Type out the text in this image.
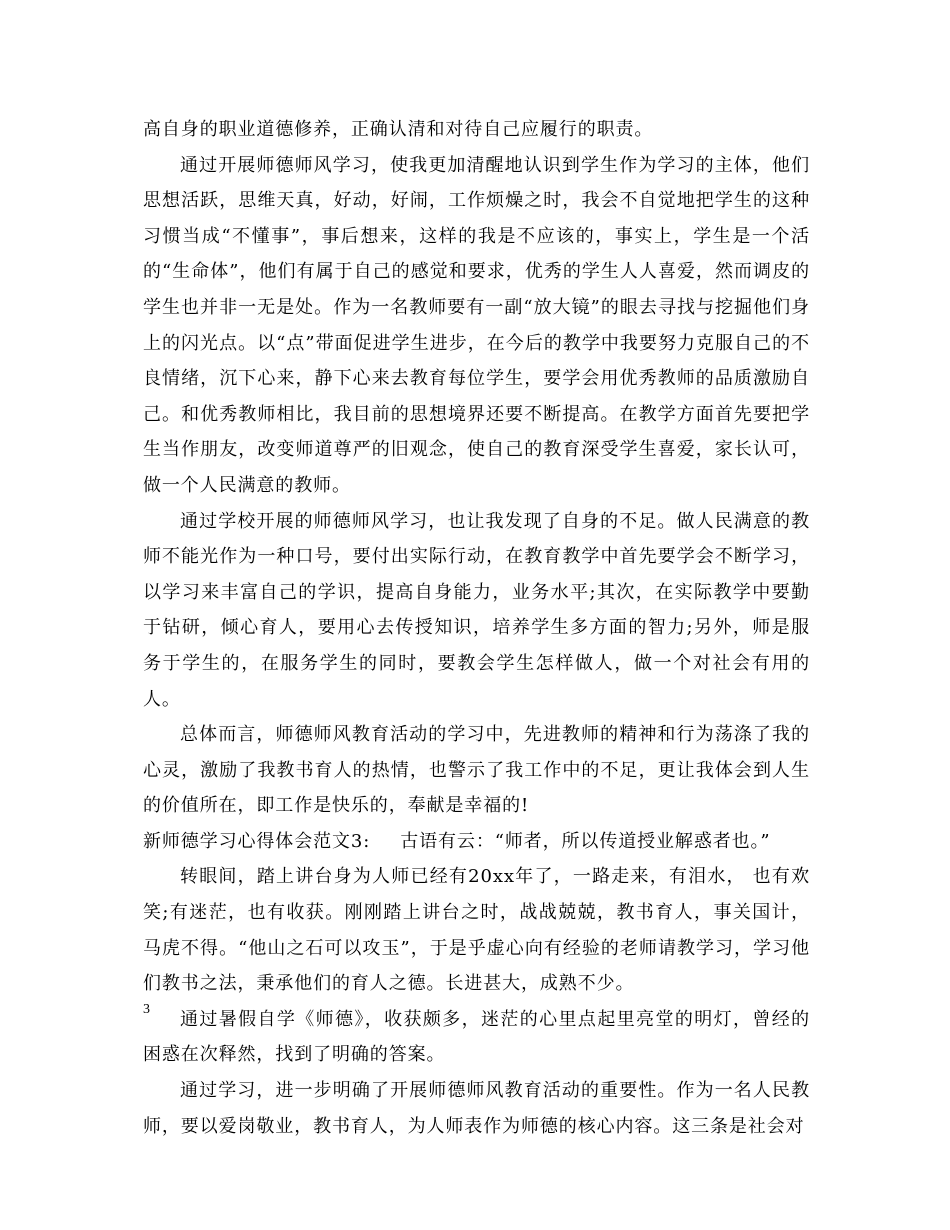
高自身的职业道德修养，正确认清和对待自己应履行的职责。

通过开展师德师风学习，使我更加清醒地认识到学生作为学习的主体，他们思想活跃，思维天真，好动，好闹，工作烦燥之时，我会不自觉地把学生的这种习惯当成“不懂事”，事后想来，这样的我是不应该的，事实上，学生是一个活的“生命体”，他们有属于自己的感觉和要求，优秀的学生人人喜爱，然而调皮的学生也并非一无是处。作为一名教师要有一副“放大镜”的眼去寻找与挖掘他们身上的闪光点。以“点”带面促进学生进步，在今后的教学中我要努力克服自己的不良情绪，沉下心来，静下心来去教育每位学生，要学会用优秀教师的品质激励自己。和优秀教师相比，我目前的思想境界还要不断提高。在教学方面首先要把学生当作朋友，改变师道尊严的旧观念，使自己的教育深受学生喜爱，家长认可，做一个人民满意的教师。

通过学校开展的师德师风学习，也让我发现了自身的不足。做人民满意的教师不能光作为一种口号，要付出实际行动，在教育教学中首先要学会不断学习，以学习来丰富自己的学识，提高自身能力，业务水平;其次，在实际教学中要勤于钻研，倾心育人，要用心去传授知识，培养学生多方面的智力;另外，师是服务于学生的，在服务学生的同时，要教会学生怎样做人，做一个对社会有用的人。

总体而言，师德师风教育活动的学习中，先进教师的精神和行为荡涤了我的心灵，激励了我教书育人的热情，也警示了我工作中的不足，更让我体会到人生的价值所在，即工作是快乐的，奉献是幸福的!

新师德学习心得体会范文3: 古语有云：“师者，所以传道授业解惑者也。”

转眼间，踏上讲台身为人师已经有20xx年了，一路走来，有泪水， 也有欢笑;有迷茫，也有收获。刚刚踏上讲台之时，战战兢兢，教书育人，事关国计，马虎不得。“他山之石可以攻玉”，于是乎虚心向有经验的老师请教学习，学习他们教书之法，秉承他们的育人之德。长进甚大，成熟不少。

通过暑假自学《师德》，收获颇多，迷茫的心里点起里亮堂的明灯，曾经的困惑在次释然，找到了明确的答案。

通过学习，进一步明确了开展师德师风教育活动的重要性。作为一名人民教师，要以爱岗敬业，教书育人，为人师表作为师德的核心内容。这三条是社会对

3
